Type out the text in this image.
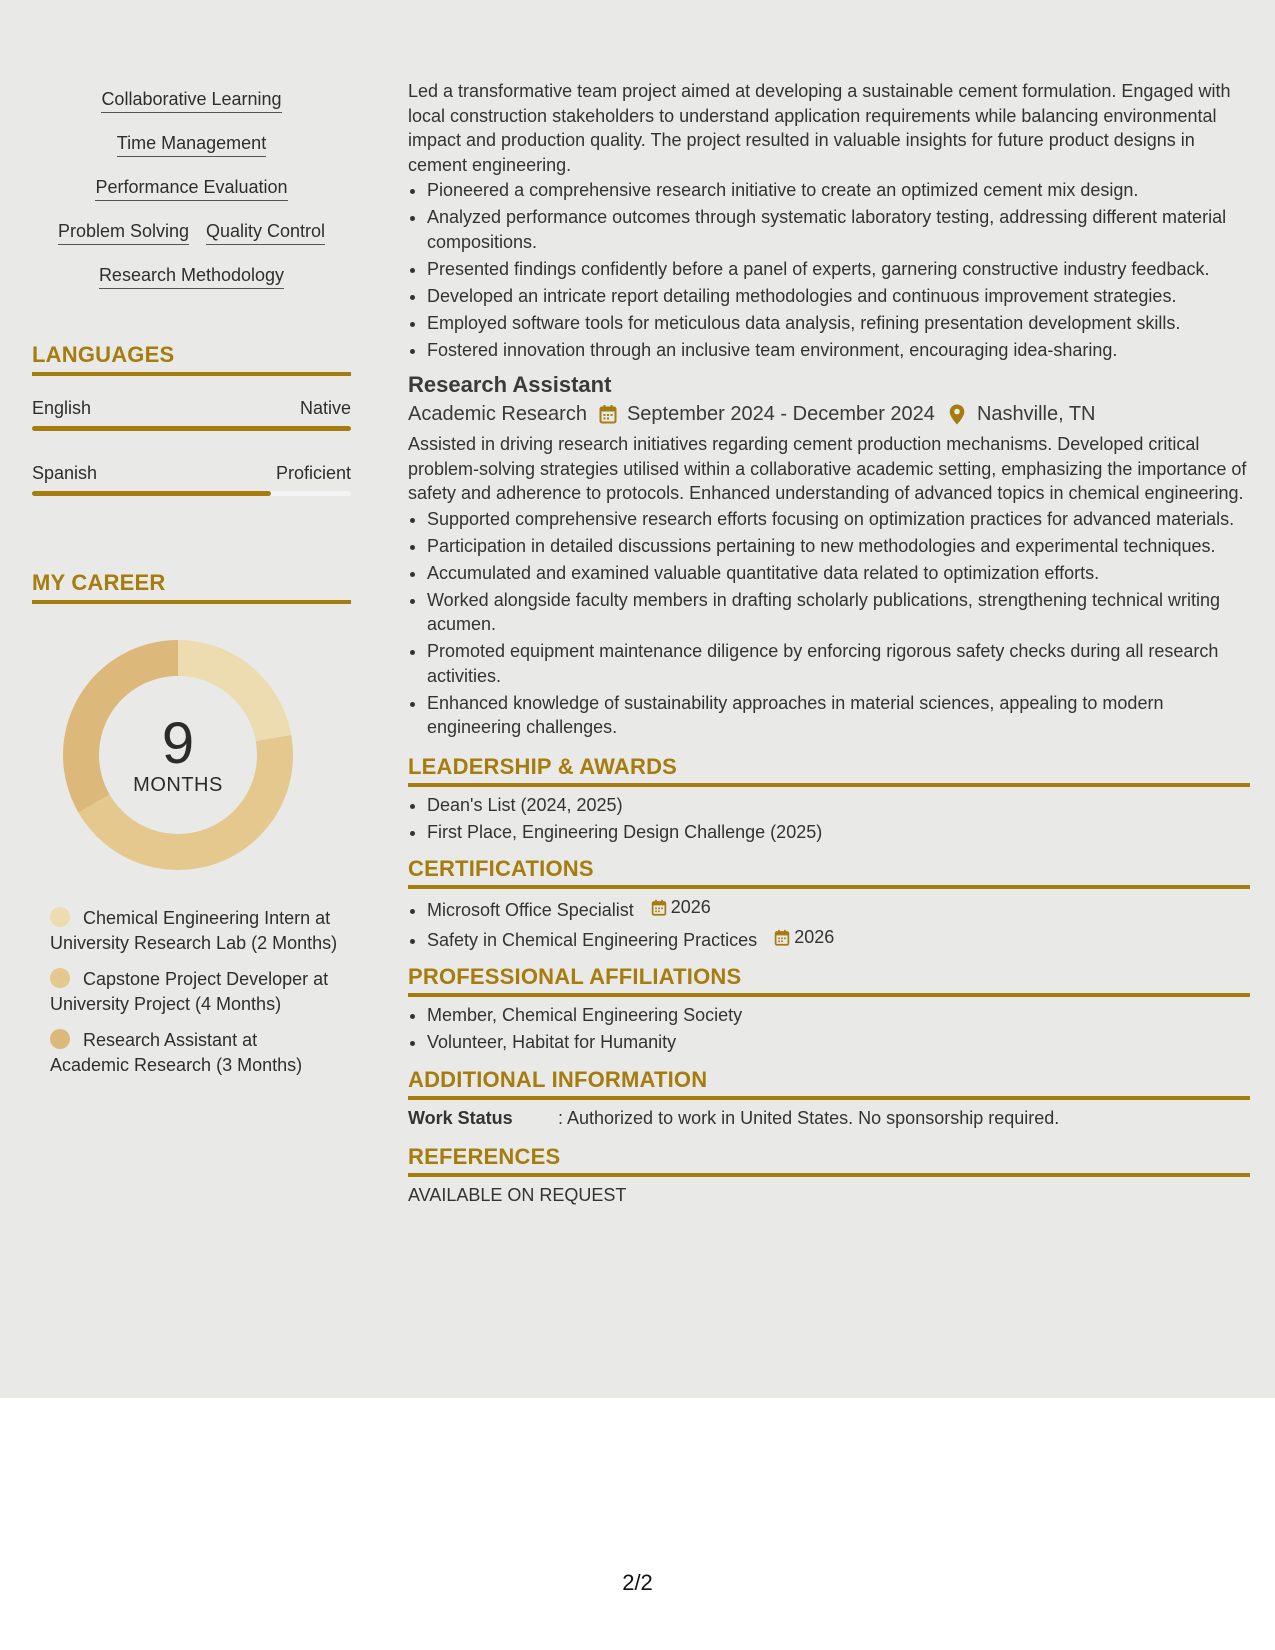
Collaborative Learning
Time Management
Performance Evaluation
Problem Solving Quality Control
Research Methodology
LANGUAGES
English	Native
Spanish	Proficient
MY CAREER
9
MONTHS
Chemical Engineering Intern at University Research Lab (2 Months)
Capstone Project Developer at University Project (4 Months)
Research Assistant at Academic Research (3 Months)
Led a transformative team project aimed at developing a sustainable cement formulation. Engaged with local construction stakeholders to understand application requirements while balancing environmental impact and production quality. The project resulted in valuable insights for future product designs in cement engineering.
• Pioneered a comprehensive research initiative to create an optimized cement mix design.
• Analyzed performance outcomes through systematic laboratory testing, addressing different material compositions.
• Presented findings confidently before a panel of experts, garnering constructive industry feedback.
• Developed an intricate report detailing methodologies and continuous improvement strategies.
• Employed software tools for meticulous data analysis, refining presentation development skills.
• Fostered innovation through an inclusive team environment, encouraging idea-sharing.
Research Assistant
Academic Research September 2024 - December 2024 Nashville, TN
Assisted in driving research initiatives regarding cement production mechanisms. Developed critical problem-solving strategies utilised within a collaborative academic setting, emphasizing the importance of safety and adherence to protocols. Enhanced understanding of advanced topics in chemical engineering.
• Supported comprehensive research efforts focusing on optimization practices for advanced materials.
• Participation in detailed discussions pertaining to new methodologies and experimental techniques.
• Accumulated and examined valuable quantitative data related to optimization efforts.
• Worked alongside faculty members in drafting scholarly publications, strengthening technical writing acumen.
• Promoted equipment maintenance diligence by enforcing rigorous safety checks during all research activities.
• Enhanced knowledge of sustainability approaches in material sciences, appealing to modern engineering challenges.
LEADERSHIP & AWARDS
• Dean's List (2024, 2025)
• First Place, Engineering Design Challenge (2025)
CERTIFICATIONS
• Microsoft Office Specialist 2026
• Safety in Chemical Engineering Practices 2026
PROFESSIONAL AFFILIATIONS
• Member, Chemical Engineering Society
• Volunteer, Habitat for Humanity
ADDITIONAL INFORMATION
Work Status	: Authorized to work in United States. No sponsorship required.
REFERENCES
AVAILABLE ON REQUEST
2/2
